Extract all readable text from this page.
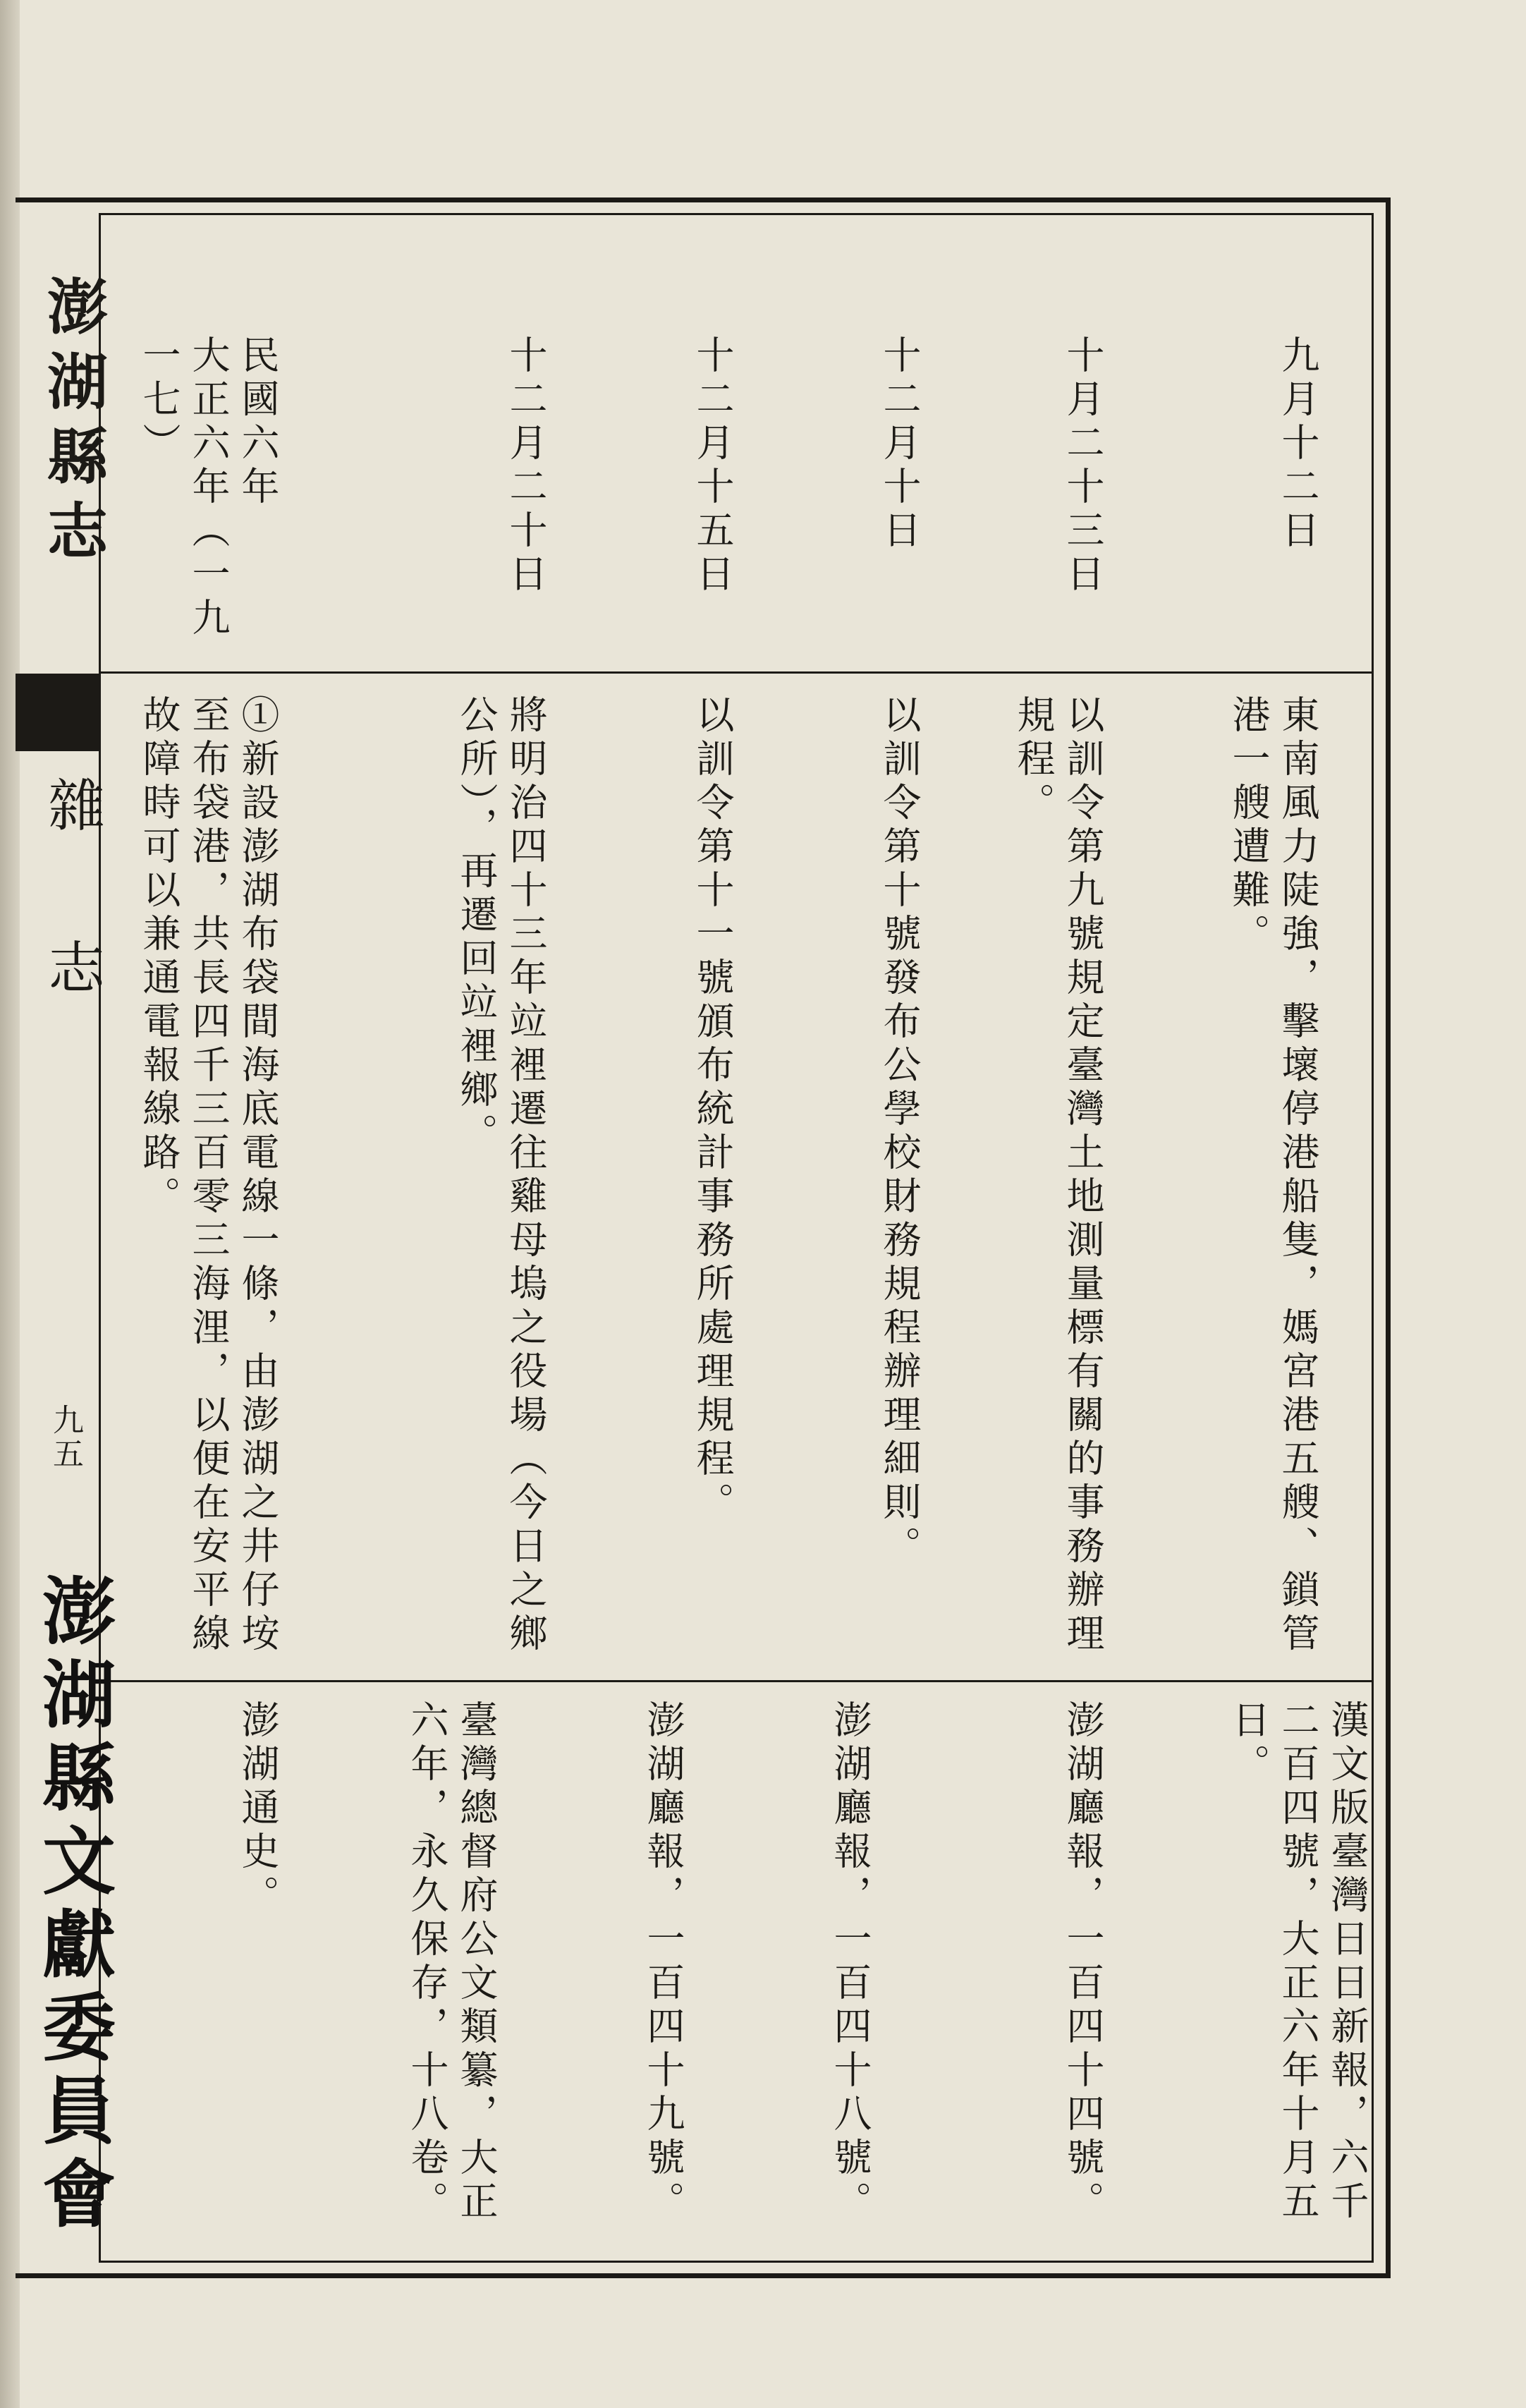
澎湖縣志
雜志
九五
澎湖縣文獻委員會
九月十二日
東南風力陡強，擊壞停港船隻，媽宮港五艘、鎖管港一艘遭難。
漢文版臺灣日日新報，六千二百四號，大正六年十月五日。
十月二十三日
以訓令第九號規定臺灣土地測量標有關的事務辦理規程。
澎湖廳報，一百四十四號。
十二月十日
以訓令第十號發布公學校財務規程辦理細則。
澎湖廳報，一百四十八號。
十二月十五日
以訓令第十一號頒布統計事務所處理規程。
澎湖廳報，一百四十九號。
十二月二十日
將明治四十三年竝裡遷往雞母塢之役場（今日之鄉公所），再遷回竝裡鄉。
臺灣總督府公文類纂，大正六年，永久保存，十八卷。
民國六年
大正六年（一九
一七）
①新設澎湖布袋間海底電線一條，由澎湖之井仔垵至布袋港，共長四千三百零三海浬，以便在安平線故障時可以兼通電報線路。
澎湖通史。
